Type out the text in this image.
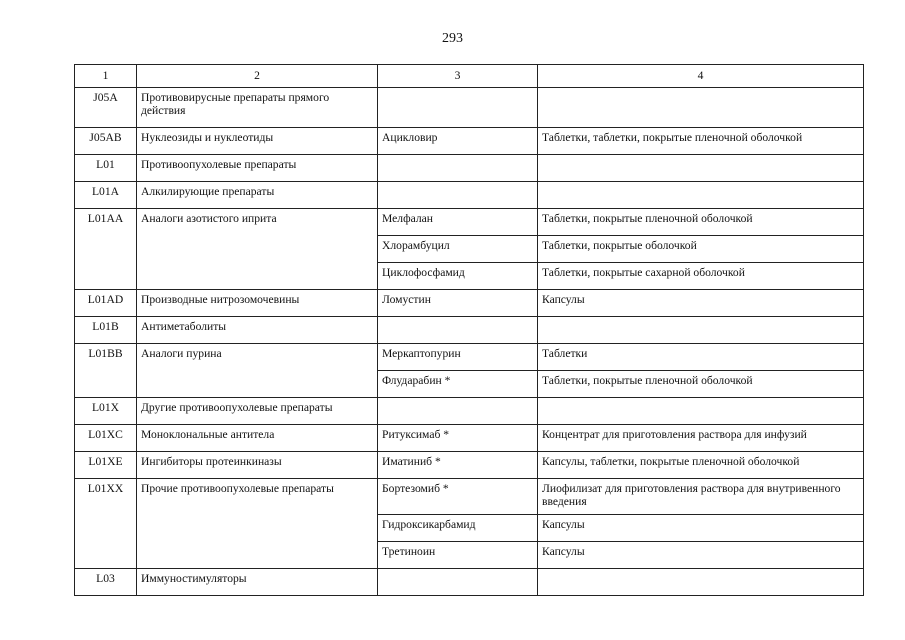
293
1	2	3	4
J05A	Противовирусные препараты прямого действия		
J05AB	Нуклеозиды и нуклеотиды	Ацикловир	Таблетки, таблетки, покрытые пленочной оболочкой
L01	Противоопухолевые препараты		
L01A	Алкилирующие препараты		
L01AA	Аналоги азотистого иприта	Мелфалан	Таблетки, покрытые пленочной оболочкой
		Хлорамбуцил	Таблетки, покрытые оболочкой
		Циклофосфамид	Таблетки, покрытые сахарной оболочкой
L01AD	Производные нитрозомочевины	Ломустин	Капсулы
L01B	Антиметаболиты		
L01BB	Аналоги пурина	Меркаптопурин	Таблетки
		Флударабин *	Таблетки, покрытые пленочной оболочкой
L01X	Другие противоопухолевые препараты		
L01XC	Моноклональные антитела	Ритуксимаб *	Концентрат для приготовления раствора для инфузий
L01XE	Ингибиторы протеинкиназы	Иматиниб *	Капсулы, таблетки, покрытые пленочной оболочкой
L01XX	Прочие противоопухолевые препараты	Бортезомиб *	Лиофилизат для приготовления раствора для внутривенного введения
		Гидроксикарбамид	Капсулы
		Третиноин	Капсулы
L03	Иммуностимуляторы		
